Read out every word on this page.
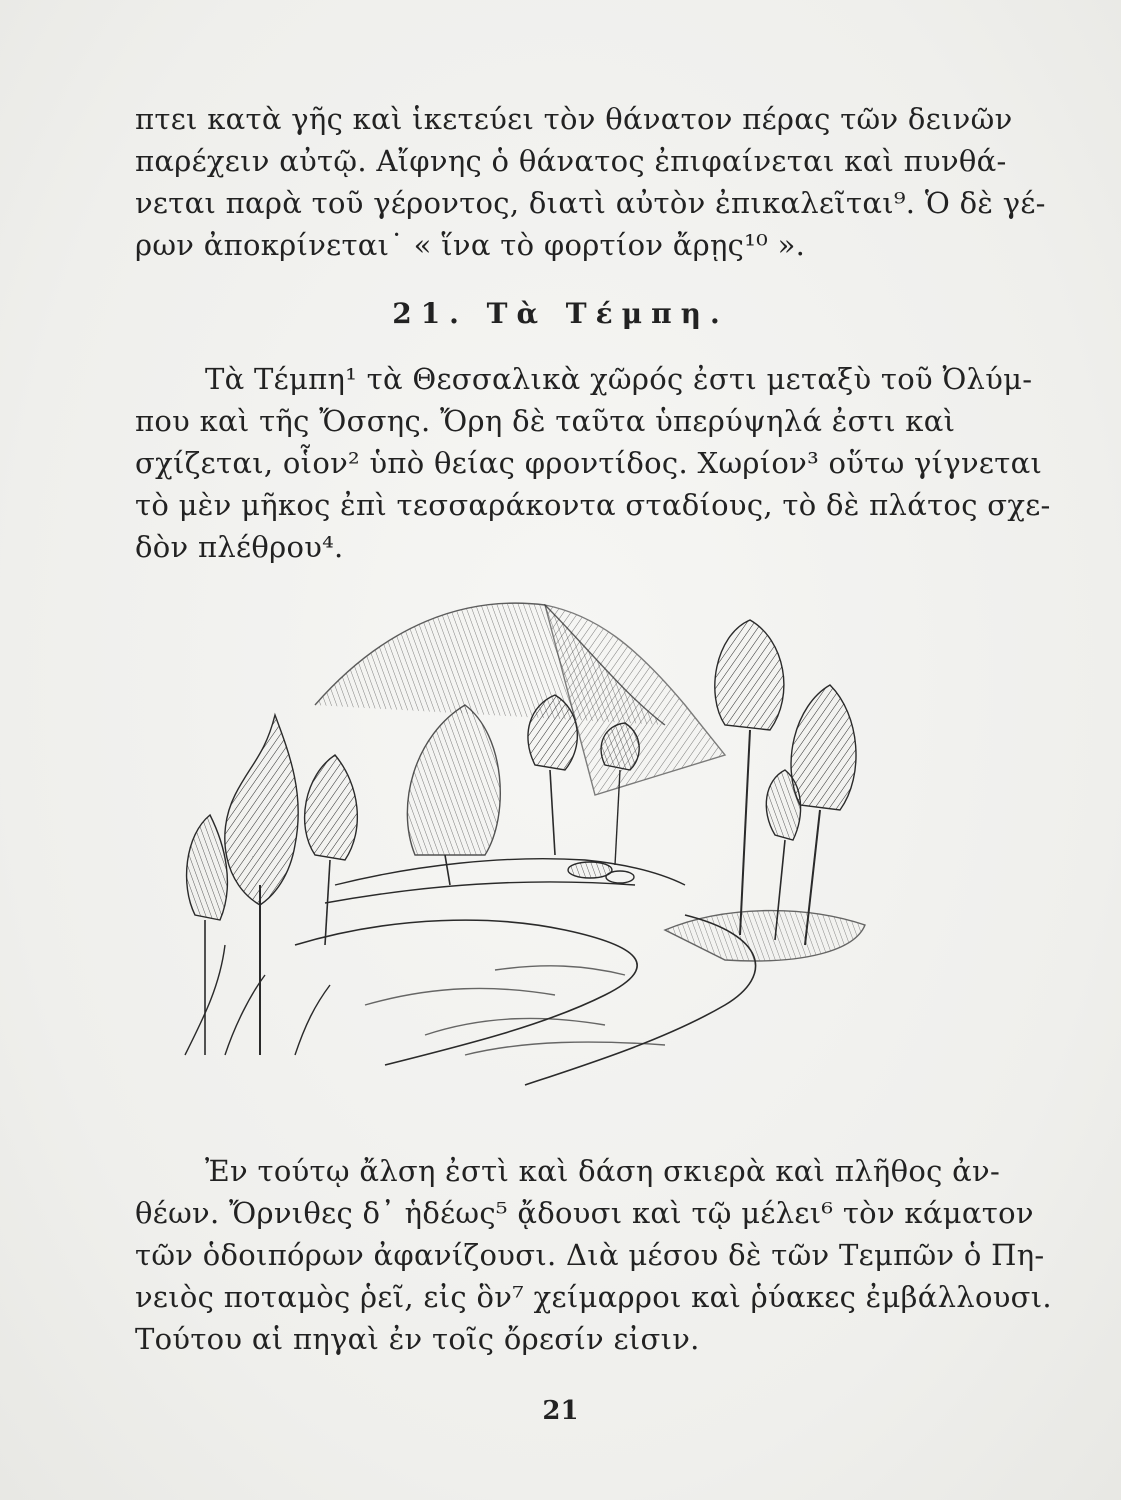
πτει κατὰ γῆς καὶ ἱκετεύει τὸν θάνατον πέρας τῶν δεινῶν
παρέχειν αὐτῷ. Αἴφνης ὁ θάνατος ἐπιφαίνεται καὶ πυνθά-
νεται παρὰ τοῦ γέροντος, διατὶ αὐτὸν ἐπικαλεῖται⁹. Ὁ δὲ γέ-
ρων ἀποκρίνεται˙ « ἵνα τὸ φορτίον ἄρῃς¹⁰ ».
21. Τὰ Τέμπη.
Τὰ Τέμπη¹ τὰ Θεσσαλικὰ χῶρός ἐστι μεταξὺ τοῦ Ὀλύμ-
που καὶ τῆς Ὄσσης. Ὄρη δὲ ταῦτα ὑπερύψηλά ἐστι καὶ
σχίζεται, οἷον² ὑπὸ θείας φροντίδος. Χωρίον³ οὕτω γίγνεται
τὸ μὲν μῆκος ἐπὶ τεσσαράκοντα σταδίους, τὸ δὲ πλάτος σχε-
δὸν πλέθρου⁴.
Ἐν τούτῳ ἄλση ἐστὶ καὶ δάση σκιερὰ καὶ πλῆθος ἀν-
θέων. Ὄρνιθες δ᾽ ἡδέως⁵ ᾄδουσι καὶ τῷ μέλει⁶ τὸν κάματον
τῶν ὁδοιπόρων ἀφανίζουσι. Διὰ μέσου δὲ τῶν Τεμπῶν ὁ Πη-
νειὸς ποταμὸς ῥεῖ, εἰς ὃν⁷ χείμαρροι καὶ ῥύακες ἐμβάλλουσι.
Τούτου αἱ πηγαὶ ἐν τοῖς ὄρεσίν εἰσιν.
21
